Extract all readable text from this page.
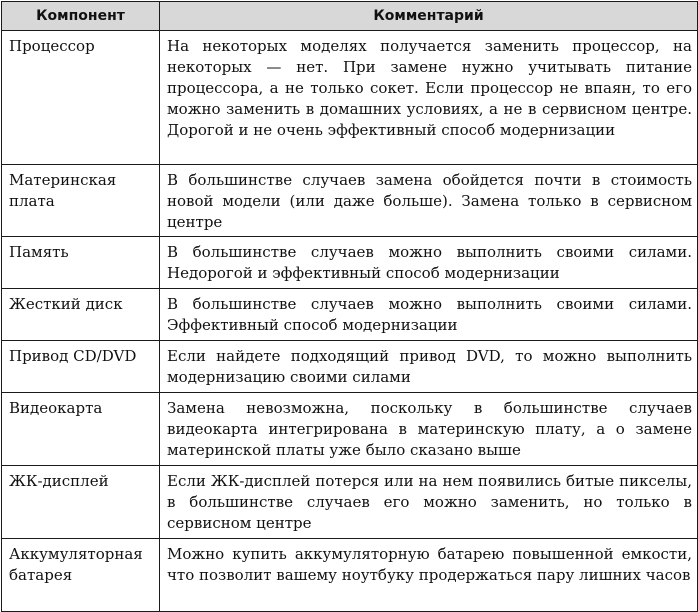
Компонент	Комментарий
Процессор	На некоторых моделях получается заменить процессор, на некоторых — нет. При замене нужно учитывать питание процессора, а не только сокет. Если процессор не впаян, то его можно заменить в домашних условиях, а не в сервисном центре. Дорогой и не очень эффективный способ модернизации
Материнская плата	В большинстве случаев замена обойдется почти в стоимость новой модели (или даже больше). Замена только в сервисном центре
Память	В большинстве случаев можно выполнить своими силами. Недорогой и эффективный способ модернизации
Жесткий диск	В большинстве случаев можно выполнить своими силами. Эффективный способ модернизации
Привод CD/DVD	Если найдете подходящий привод DVD, то можно выполнить модернизацию своими силами
Видеокарта	Замена невозможна, поскольку в большинстве случаев видеокарта интегрирована в материнскую плату, а о замене материнской платы уже было сказано выше
ЖК-дисплей	Если ЖК-дисплей потерся или на нем появились битые пикселы, в большинстве случаев его можно заменить, но только в сервисном центре
Аккумуляторная батарея	Можно купить аккумуляторную батарею повышенной емкости, что позволит вашему ноутбуку продержаться пару лишних часов
